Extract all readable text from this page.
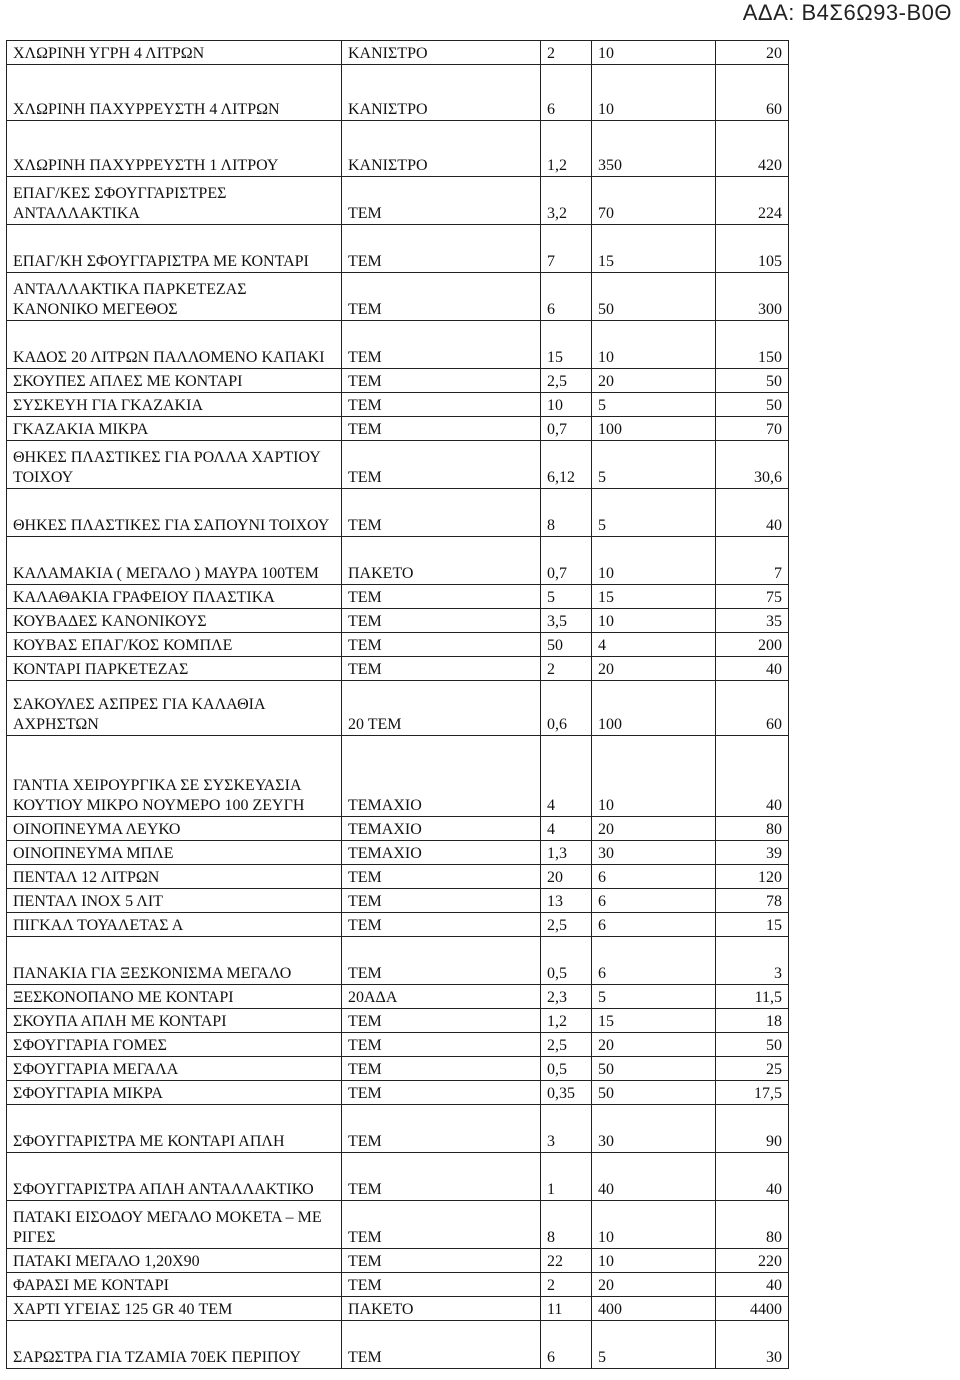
ΑΔΑ: Β4Σ6Ω93-Β0Θ
ΧΛΩΡΙΝΗ ΥΓΡΗ 4 ΛΙΤΡΩΝ	ΚΑΝΙΣΤΡΟ	2	10	20
ΧΛΩΡΙΝΗ ΠΑΧΥΡΡΕΥΣΤΗ 4 ΛΙΤΡΩΝ	ΚΑΝΙΣΤΡΟ	6	10	60
ΧΛΩΡΙΝΗ ΠΑΧΥΡΡΕΥΣΤΗ 1 ΛΙΤΡΟΥ	ΚΑΝΙΣΤΡΟ	1,2	350	420
ΕΠΑΓ/ΚΕΣ ΣΦΟΥΓΓΑΡΙΣΤΡΕΣ ΑΝΤΑΛΛΑΚΤΙΚΑ	ΤΕΜ	3,2	70	224
ΕΠΑΓ/ΚΗ ΣΦΟΥΓΓΑΡΙΣΤΡΑ ΜΕ ΚΟΝΤΑΡΙ	ΤΕΜ	7	15	105
ΑΝΤΑΛΛΑΚΤΙΚΑ ΠΑΡΚΕΤΕΖΑΣ ΚΑΝΟΝΙΚΟ ΜΕΓΕΘΟΣ	ΤΕΜ	6	50	300
ΚΑΔΟΣ 20 ΛΙΤΡΩΝ ΠΑΛΛΟΜΕΝΟ ΚΑΠΑΚΙ	ΤΕΜ	15	10	150
ΣΚΟΥΠΕΣ ΑΠΛΕΣ ΜΕ ΚΟΝΤΑΡΙ	ΤΕΜ	2,5	20	50
ΣΥΣΚΕΥΗ ΓΙΑ ΓΚΑΖΑΚΙΑ	ΤΕΜ	10	5	50
ΓΚΑΖΑΚΙΑ ΜΙΚΡΑ	ΤΕΜ	0,7	100	70
ΘΗΚΕΣ ΠΛΑΣΤΙΚΕΣ ΓΙΑ ΡΟΛΛΑ ΧΑΡΤΙΟΥ ΤΟΙΧΟΥ	ΤΕΜ	6,12	5	30,6
ΘΗΚΕΣ ΠΛΑΣΤΙΚΕΣ ΓΙΑ ΣΑΠΟΥΝΙ ΤΟΙΧΟΥ	ΤΕΜ	8	5	40
ΚΑΛΑΜΑΚΙΑ ( ΜΕΓΑΛΟ ) ΜΑΥΡΑ 100ΤΕΜ	ΠΑΚΕΤΟ	0,7	10	7
ΚΑΛΑΘΑΚΙΑ ΓΡΑΦΕΙΟΥ ΠΛΑΣΤΙΚΑ	ΤΕΜ	5	15	75
ΚΟΥΒΑΔΕΣ ΚΑΝΟΝΙΚΟΥΣ	ΤΕΜ	3,5	10	35
ΚΟΥΒΑΣ ΕΠΑΓ/ΚΟΣ ΚΟΜΠΛΕ	ΤΕΜ	50	4	200
ΚΟΝΤΑΡΙ ΠΑΡΚΕΤΕΖΑΣ	ΤΕΜ	2	20	40
ΣΑΚΟΥΛΕΣ ΑΣΠΡΕΣ ΓΙΑ ΚΑΛΑΘΙΑ ΑΧΡΗΣΤΩΝ	20 ΤΕΜ	0,6	100	60
ΓΑΝΤΙΑ ΧΕΙΡΟΥΡΓΙΚΑ ΣΕ ΣΥΣΚΕΥΑΣΙΑ ΚΟΥΤΙΟΥ ΜΙΚΡΟ ΝΟΥΜΕΡΟ 100 ΖΕΥΓΗ	ΤΕΜΑΧΙΟ	4	10	40
ΟΙΝΟΠΝΕΥΜΑ ΛΕΥΚΟ	ΤΕΜΑΧΙΟ	4	20	80
ΟΙΝΟΠΝΕΥΜΑ ΜΠΛΕ	ΤΕΜΑΧΙΟ	1,3	30	39
ΠΕΝΤΑΛ 12 ΛΙΤΡΩΝ	ΤΕΜ	20	6	120
ΠΕΝΤΑΛ ΙΝΟΧ 5 ΛΙΤ	ΤΕΜ	13	6	78
ΠΙΓΚΑΛ ΤΟΥΑΛΕΤΑΣ Α	ΤΕΜ	2,5	6	15
ΠΑΝΑΚΙΑ ΓΙΑ ΞΕΣΚΟΝΙΣΜΑ ΜΕΓΑΛΟ	ΤΕΜ	0,5	6	3
ΞΕΣΚΟΝΟΠΑΝΟ ΜΕ ΚΟΝΤΑΡΙ	20ΑΔΑ	2,3	5	11,5
ΣΚΟΥΠΑ ΑΠΛΗ ΜΕ ΚΟΝΤΑΡΙ	ΤΕΜ	1,2	15	18
ΣΦΟΥΓΓΑΡΙΑ ΓΟΜΕΣ	ΤΕΜ	2,5	20	50
ΣΦΟΥΓΓΑΡΙΑ ΜΕΓΑΛΑ	ΤΕΜ	0,5	50	25
ΣΦΟΥΓΓΑΡΙΑ ΜΙΚΡΑ	ΤΕΜ	0,35	50	17,5
ΣΦΟΥΓΓΑΡΙΣΤΡΑ ΜΕ ΚΟΝΤΑΡΙ ΑΠΛΗ	ΤΕΜ	3	30	90
ΣΦΟΥΓΓΑΡΙΣΤΡΑ ΑΠΛΗ ΑΝΤΑΛΛΑΚΤΙΚΟ	ΤΕΜ	1	40	40
ΠΑΤΑΚΙ ΕΙΣΟΔΟΥ ΜΕΓΑΛΟ ΜΟΚΕΤΑ – ΜΕ ΡΙΓΕΣ	ΤΕΜ	8	10	80
ΠΑΤΑΚΙ ΜΕΓΑΛΟ 1,20Χ90	ΤΕΜ	22	10	220
ΦΑΡΑΣΙ ΜΕ ΚΟΝΤΑΡΙ	ΤΕΜ	2	20	40
ΧΑΡΤΙ ΥΓΕΙΑΣ 125 GR 40 ΤΕΜ	ΠΑΚΕΤΟ	11	400	4400
ΣΑΡΩΣΤΡΑ ΓΙΑ ΤΖΑΜΙΑ 70ΕΚ ΠΕΡΙΠΟΥ	ΤΕΜ	6	5	30
